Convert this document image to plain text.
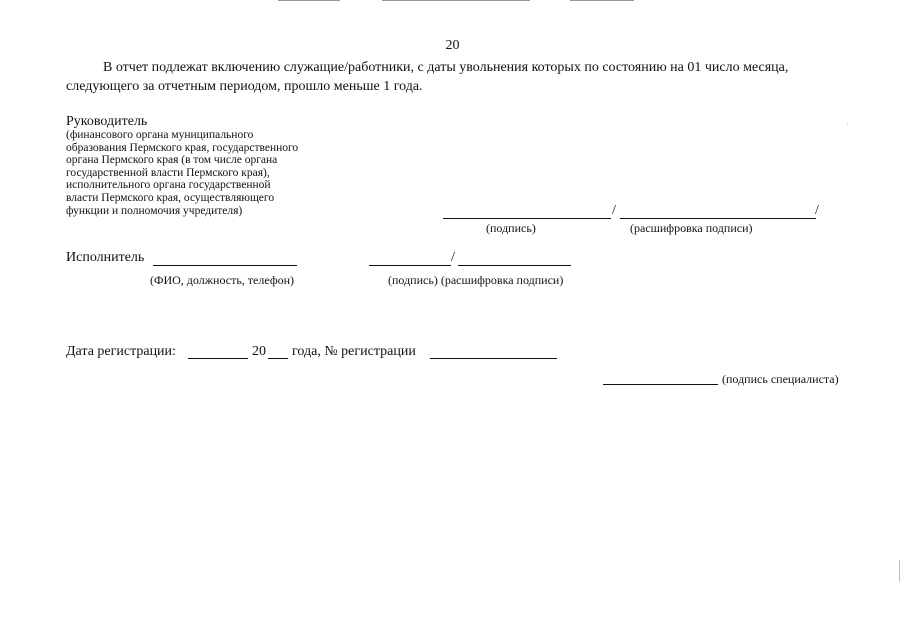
20
В отчет подлежат включению служащие/работники, с даты увольнения которых по состоянию на 01 число месяца,
следующего за отчетным периодом, прошло меньше 1 года.
Руководитель
(финансового органа муниципального
образования Пермского края, государственного
органа Пермского края (в том числе органа
государственной власти Пермского края),
исполнительного органа государственной
власти Пермского края, осуществляющего
функции и полномочия учредителя)	/	/
(подпись)	(расшифровка подписи)
Исполнитель	/
(ФИО, должность, телефон)	(подпись) (расшифровка подписи)
Дата регистрации:	20 года, № регистрации
(подпись специалиста)
